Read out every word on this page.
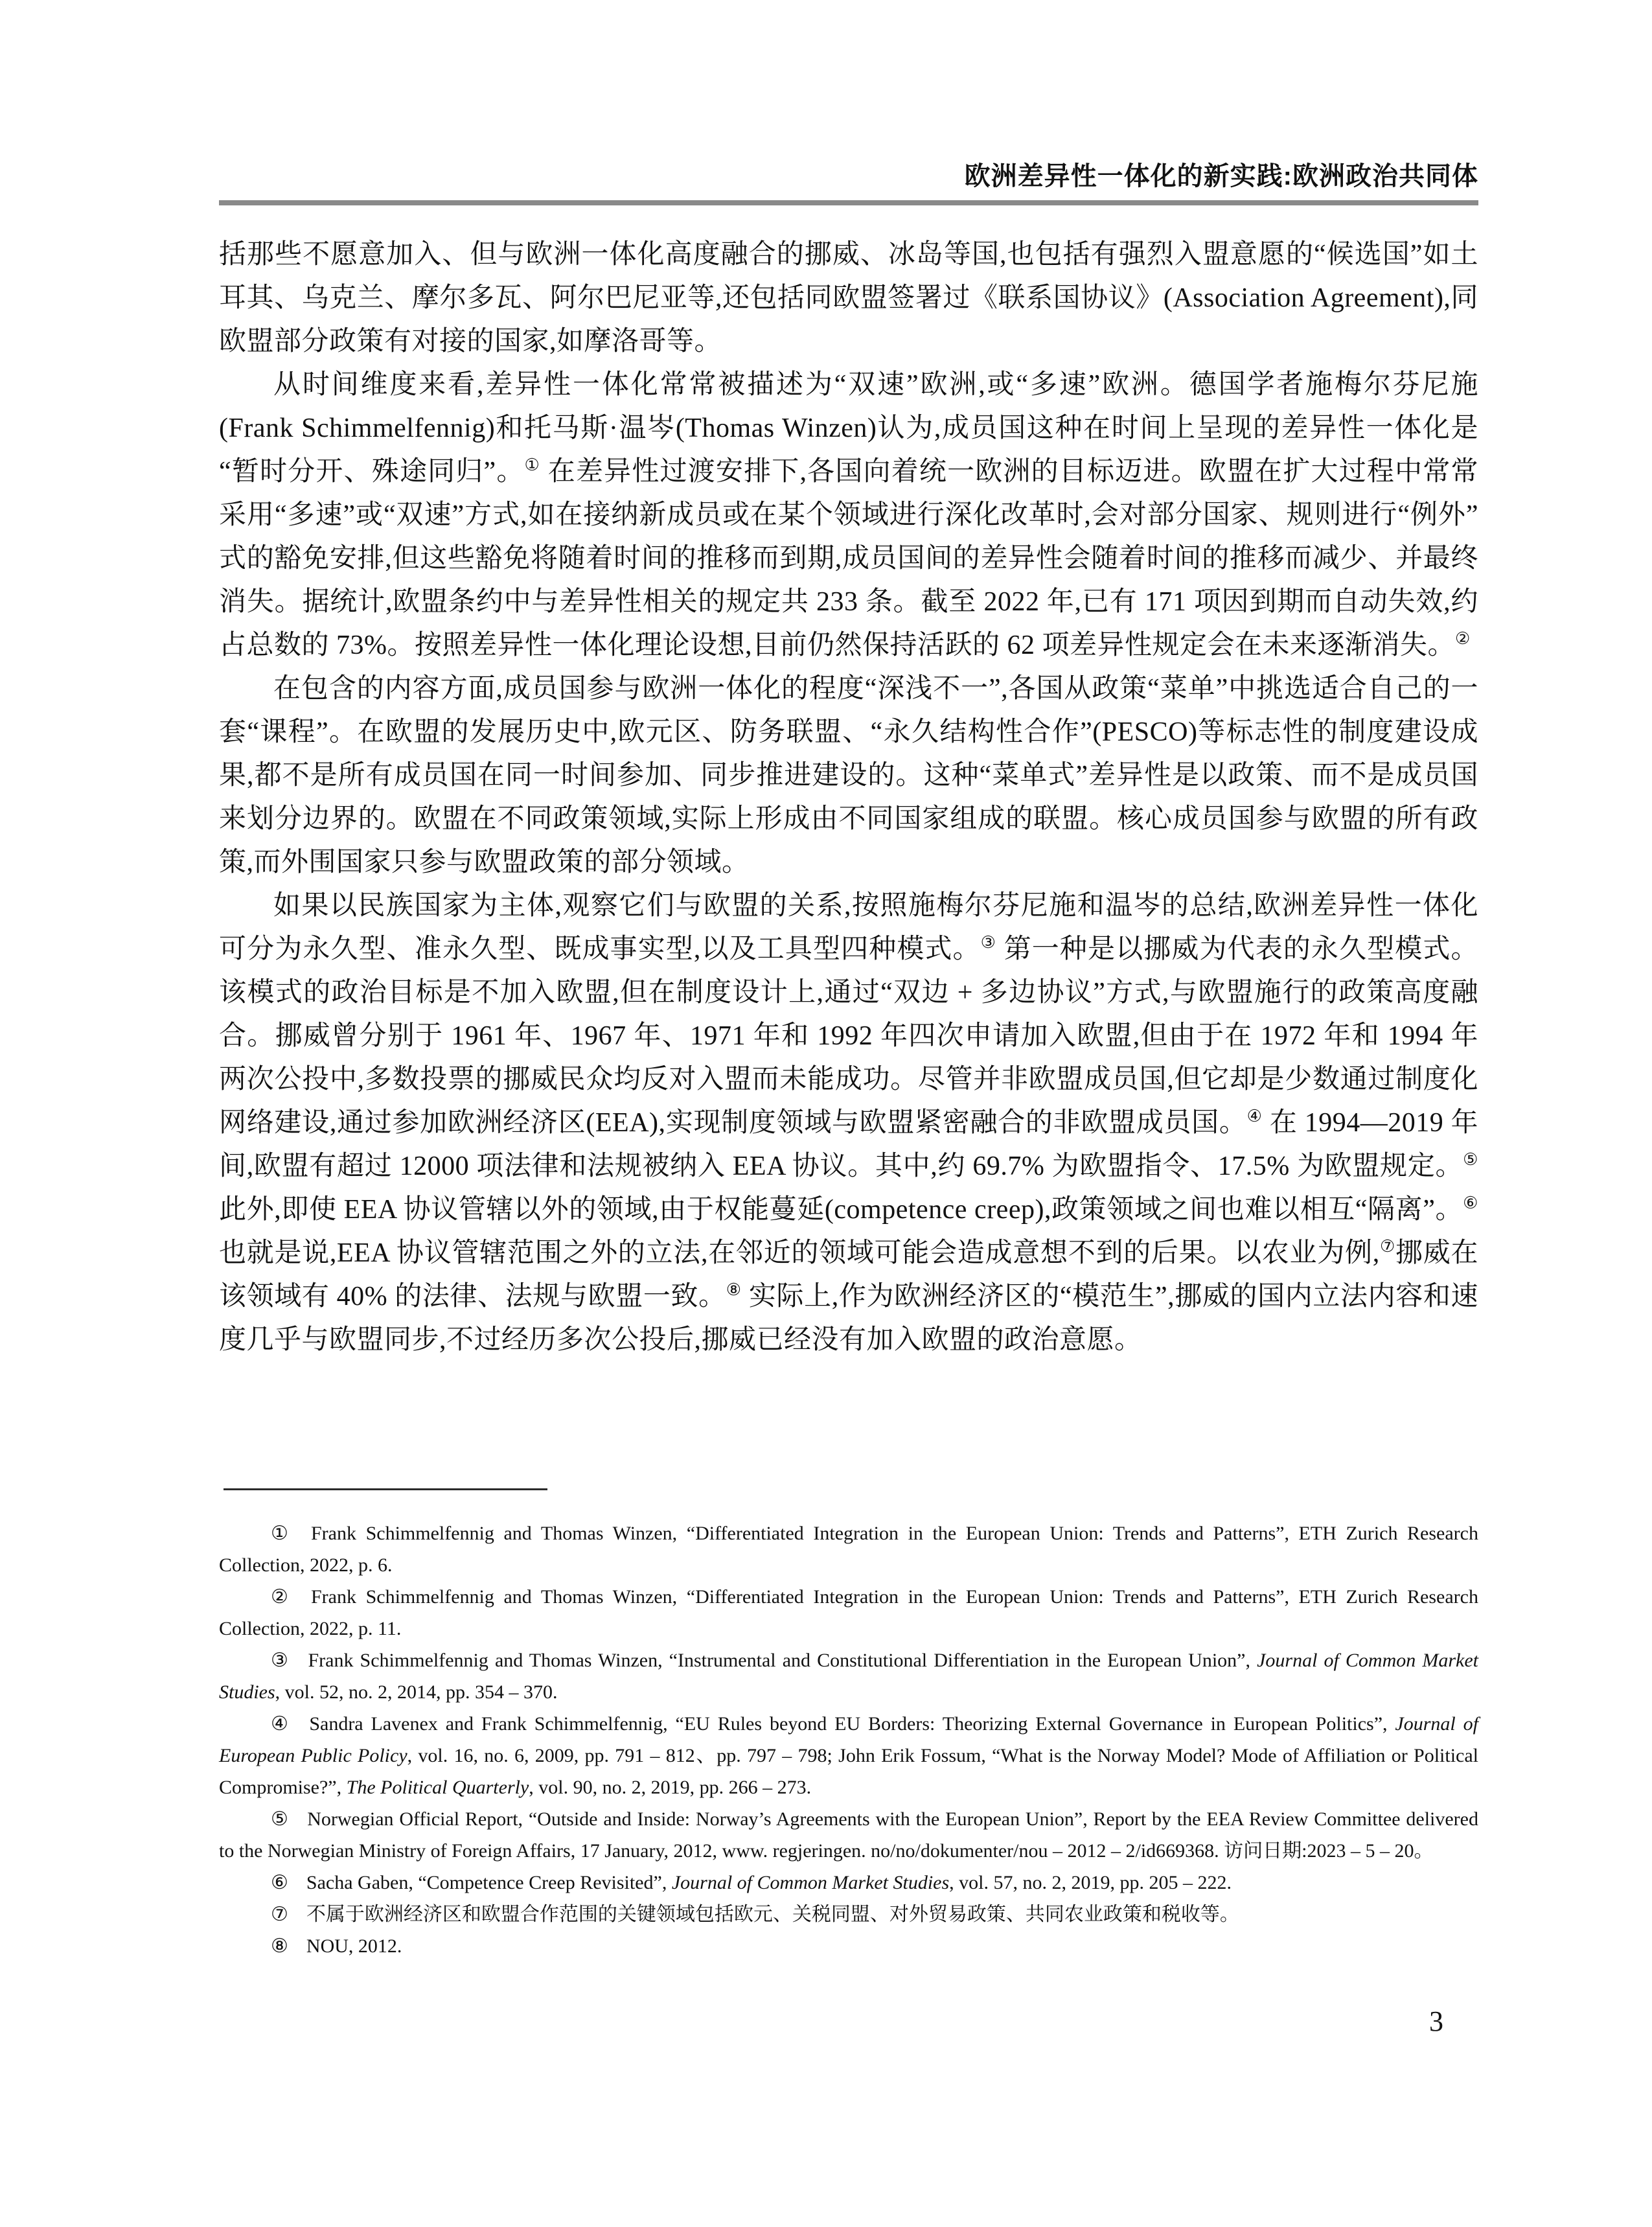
欧洲差异性一体化的新实践:欧洲政治共同体

括那些不愿意加入、但与欧洲一体化高度融合的挪威、冰岛等国,也包括有强烈入盟意愿的“候选国”如土耳其、乌克兰、摩尔多瓦、阿尔巴尼亚等,还包括同欧盟签署过《联系国协议》(Association Agreement),同欧盟部分政策有对接的国家,如摩洛哥等。

从时间维度来看,差异性一体化常常被描述为“双速”欧洲,或“多速”欧洲。德国学者施梅尔芬尼施(Frank Schimmelfennig)和托马斯·温岑(Thomas Winzen)认为,成员国这种在时间上呈现的差异性一体化是“暂时分开、殊途同归”。① 在差异性过渡安排下,各国向着统一欧洲的目标迈进。欧盟在扩大过程中常常采用“多速”或“双速”方式,如在接纳新成员或在某个领域进行深化改革时,会对部分国家、规则进行“例外”式的豁免安排,但这些豁免将随着时间的推移而到期,成员国间的差异性会随着时间的推移而减少、并最终消失。据统计,欧盟条约中与差异性相关的规定共 233 条。截至 2022 年,已有 171 项因到期而自动失效,约占总数的 73%。按照差异性一体化理论设想,目前仍然保持活跃的 62 项差异性规定会在未来逐渐消失。②

在包含的内容方面,成员国参与欧洲一体化的程度“深浅不一”,各国从政策“菜单”中挑选适合自己的一套“课程”。在欧盟的发展历史中,欧元区、防务联盟、“永久结构性合作”(PESCO)等标志性的制度建设成果,都不是所有成员国在同一时间参加、同步推进建设的。这种“菜单式”差异性是以政策、而不是成员国来划分边界的。欧盟在不同政策领域,实际上形成由不同国家组成的联盟。核心成员国参与欧盟的所有政策,而外围国家只参与欧盟政策的部分领域。

如果以民族国家为主体,观察它们与欧盟的关系,按照施梅尔芬尼施和温岑的总结,欧洲差异性一体化可分为永久型、准永久型、既成事实型,以及工具型四种模式。③ 第一种是以挪威为代表的永久型模式。该模式的政治目标是不加入欧盟,但在制度设计上,通过“双边 + 多边协议”方式,与欧盟施行的政策高度融合。挪威曾分别于 1961 年、1967 年、1971 年和 1992 年四次申请加入欧盟,但由于在 1972 年和 1994 年两次公投中,多数投票的挪威民众均反对入盟而未能成功。尽管并非欧盟成员国,但它却是少数通过制度化网络建设,通过参加欧洲经济区(EEA),实现制度领域与欧盟紧密融合的非欧盟成员国。④ 在 1994—2019 年间,欧盟有超过 12000 项法律和法规被纳入 EEA 协议。其中,约 69.7% 为欧盟指令、17.5% 为欧盟规定。⑤ 此外,即使 EEA 协议管辖以外的领域,由于权能蔓延(competence creep),政策领域之间也难以相互“隔离”。⑥ 也就是说,EEA 协议管辖范围之外的立法,在邻近的领域可能会造成意想不到的后果。以农业为例,⑦挪威在该领域有 40% 的法律、法规与欧盟一致。⑧ 实际上,作为欧洲经济区的“模范生”,挪威的国内立法内容和速度几乎与欧盟同步,不过经历多次公投后,挪威已经没有加入欧盟的政治意愿。

① Frank Schimmelfennig and Thomas Winzen, “Differentiated Integration in the European Union: Trends and Patterns”, ETH Zurich Research Collection, 2022, p. 6.

② Frank Schimmelfennig and Thomas Winzen, “Differentiated Integration in the European Union: Trends and Patterns”, ETH Zurich Research Collection, 2022, p. 11.

③ Frank Schimmelfennig and Thomas Winzen, “Instrumental and Constitutional Differentiation in the European Union”, Journal of Common Market Studies, vol. 52, no. 2, 2014, pp. 354 – 370.

④ Sandra Lavenex and Frank Schimmelfennig, “EU Rules beyond EU Borders: Theorizing External Governance in European Politics”, Journal of European Public Policy, vol. 16, no. 6, 2009, pp. 791 – 812、pp. 797 – 798; John Erik Fossum, “What is the Norway Model? Mode of Affiliation or Political Compromise?”, The Political Quarterly, vol. 90, no. 2, 2019, pp. 266 – 273.

⑤ Norwegian Official Report, “Outside and Inside: Norway’s Agreements with the European Union”, Report by the EEA Review Committee delivered to the Norwegian Ministry of Foreign Affairs, 17 January, 2012, www. regjeringen. no/no/dokumenter/nou – 2012 – 2/id669368. 访问日期:2023 – 5 – 20。

⑥ Sacha Gaben, “Competence Creep Revisited”, Journal of Common Market Studies, vol. 57, no. 2, 2019, pp. 205 – 222.

⑦ 不属于欧洲经济区和欧盟合作范围的关键领域包括欧元、关税同盟、对外贸易政策、共同农业政策和税收等。

⑧ NOU, 2012.

3
